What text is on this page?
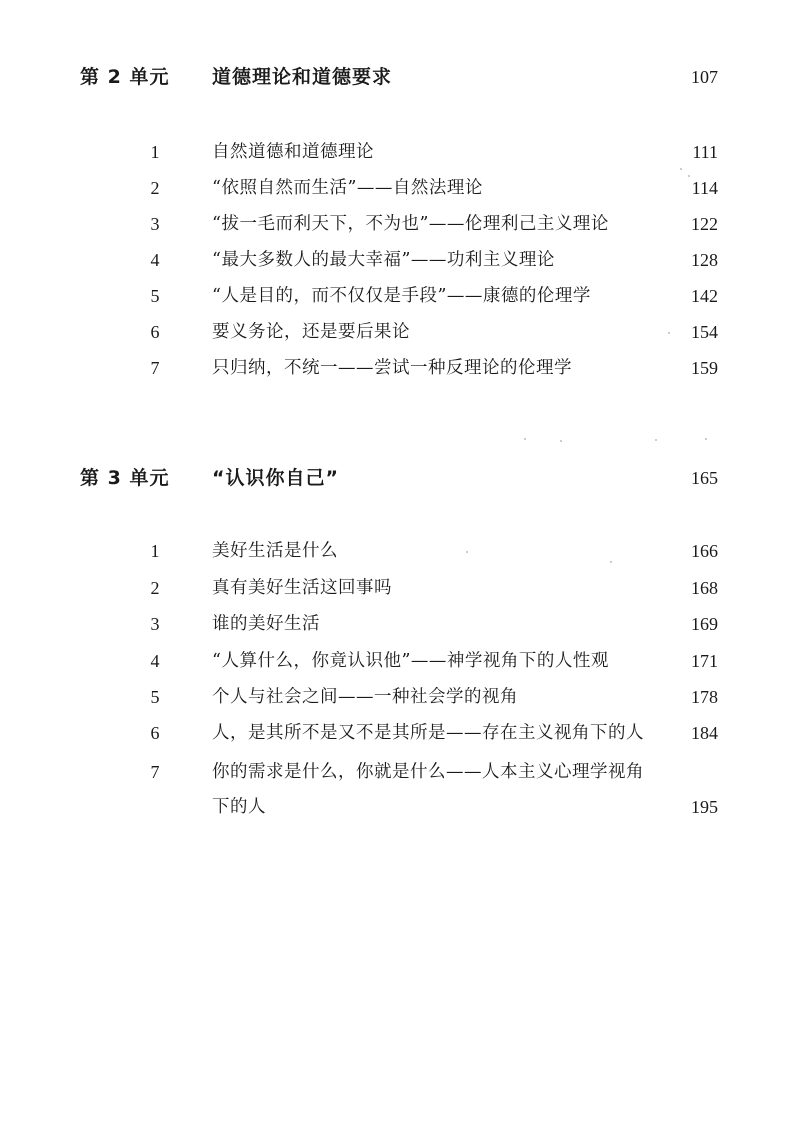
第 2 单元 道德理论和道德要求	107
1	自然道德和道德理论	111
2	“依照自然而生活”——自然法理论	114
3	“拔一毛而利天下，不为也”——伦理利己主义理论	122
4	“最大多数人的最大幸福”——功利主义理论	128
5	“人是目的，而不仅仅是手段”——康德的伦理学	142
6	要义务论，还是要后果论	154
7	只归纳，不统一——尝试一种反理论的伦理学	159
第 3 单元 “认识你自己”	165
1	美好生活是什么	166
2	真有美好生活这回事吗	168
3	谁的美好生活	169
4	“人算什么，你竟认识他”——神学视角下的人性观	171
5	个人与社会之间——一种社会学的视角	178
6	人，是其所不是又不是其所是——存在主义视角下的人	184
7	你的需求是什么，你就是什么——人本主义心理学视角
下的人	195
